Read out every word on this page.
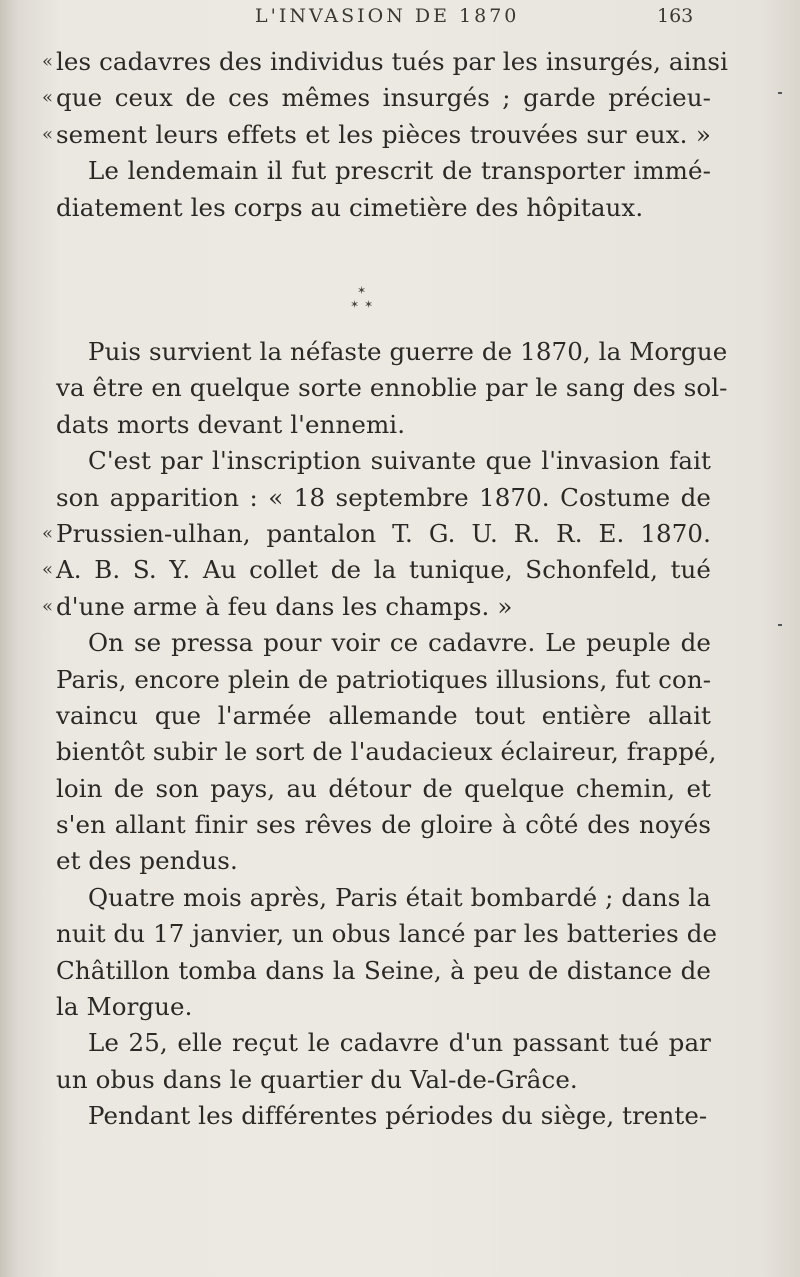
L'INVASION DE 1870	163
« les cadavres des individus tués par les insurgés, ainsi
« que ceux de ces mêmes insurgés ; garde précieu-
« sement leurs effets et les pièces trouvées sur eux. »
Le lendemain il fut prescrit de transporter immé-
diatement les corps au cimetière des hôpitaux.
✶
✶ ✶
Puis survient la néfaste guerre de 1870, la Morgue
va être en quelque sorte ennoblie par le sang des sol-
dats morts devant l'ennemi.
C'est par l'inscription suivante que l'invasion fait
son apparition : « 18 septembre 1870. Costume de
« Prussien-ulhan, pantalon T. G. U. R. R. E. 1870.
« A. B. S. Y. Au collet de la tunique, Schonfeld, tué
« d'une arme à feu dans les champs. »
On se pressa pour voir ce cadavre. Le peuple de
Paris, encore plein de patriotiques illusions, fut con-
vaincu que l'armée allemande tout entière allait
bientôt subir le sort de l'audacieux éclaireur, frappé,
loin de son pays, au détour de quelque chemin, et
s'en allant finir ses rêves de gloire à côté des noyés
et des pendus.
Quatre mois après, Paris était bombardé ; dans la
nuit du 17 janvier, un obus lancé par les batteries de
Châtillon tomba dans la Seine, à peu de distance de
la Morgue.
Le 25, elle reçut le cadavre d'un passant tué par
un obus dans le quartier du Val-de-Grâce.
Pendant les différentes périodes du siège, trente-
